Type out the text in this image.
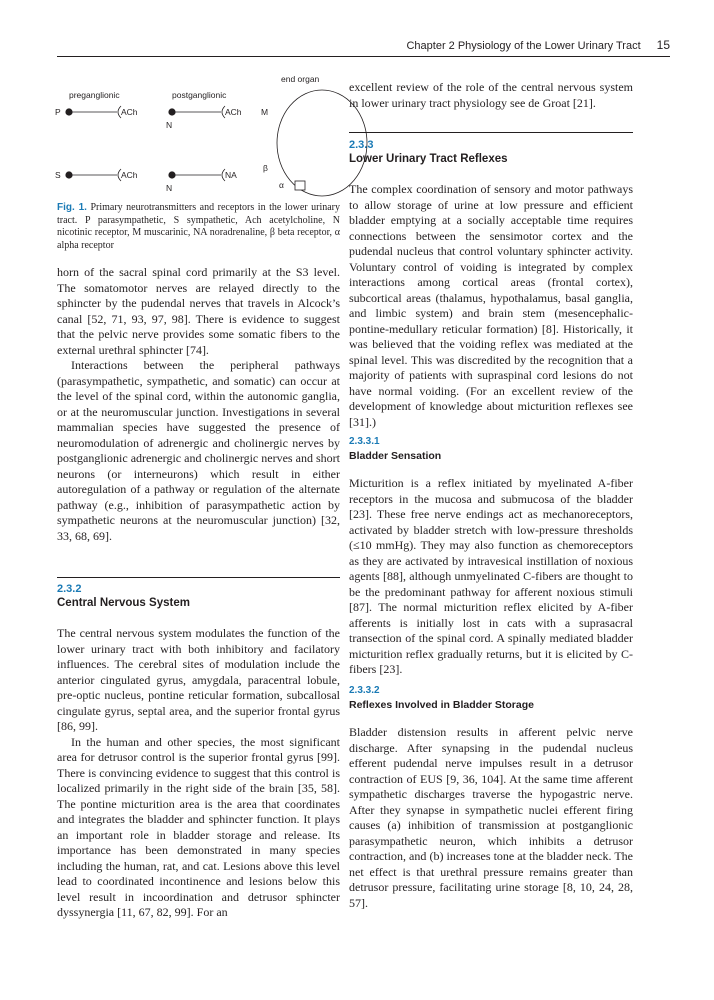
Chapter 2 Physiology of the Lower Urinary Tract 15
end organ
preganglionic	postganglionic
P	ACh	ACh
N
M
S	ACh	NA
N
β
α
Fig. 1. Primary neurotransmitters and receptors in the lower urinary tract. P parasympathetic, S sympathetic, Ach acetylcholine, N nicotinic receptor, M muscarinic, NA noradrenaline, β beta receptor, α alpha receptor

horn of the sacral spinal cord primarily at the S3 level. The somatomotor nerves are relayed directly to the sphincter by the pudendal nerves that travels in Alcock’s canal [52, 71, 93, 97, 98]. There is evidence to suggest that the pelvic nerve provides some somatic fibers to the external urethral sphincter [74].

Interactions between the peripheral pathways (parasympathetic, sympathetic, and somatic) can occur at the level of the spinal cord, within the autonomic ganglia, or at the neuromuscular junction. Investigations in several mammalian species have suggested the presence of neuromodulation of adrenergic and cholinergic nerves by postganglionic adrenergic and cholinergic nerves and short neurons (or interneurons) which result in either autoregulation of a pathway or regulation of the alternate pathway (e.g., inhibition of parasympathetic action by sympathetic neurons at the neuromuscular junction) [32, 33, 68, 69].

2.3.2
Central Nervous System

The central nervous system modulates the function of the lower urinary tract with both inhibitory and facilatory influences. The cerebral sites of modulation include the anterior cingulated gyrus, amygdala, paracentral lobule, pre-optic nucleus, pontine reticular formation, subcallosal cingulate gyrus, septal area, and the superior frontal gyrus [86, 99].

In the human and other species, the most significant area for detrusor control is the superior frontal gyrus [99]. There is convincing evidence to suggest that this control is localized primarily in the right side of the brain [35, 58]. The pontine micturition area is the area that coordinates and integrates the bladder and sphincter function. It plays an important role in bladder storage and release. Its importance has been demonstrated in many species including the human, rat, and cat. Lesions above this level lead to coordinated incontinence and lesions below this level result in incoordination and detrusor sphincter dyssynergia [11, 67, 82, 99]. For an

excellent review of the role of the central nervous system in lower urinary tract physiology see de Groat [21].

2.3.3
Lower Urinary Tract Reflexes

The complex coordination of sensory and motor pathways to allow storage of urine at low pressure and efficient bladder emptying at a socially acceptable time requires connections between the sensimotor cortex and the pudendal nucleus that control voluntary sphincter activity. Voluntary control of voiding is integrated by complex interactions among cortical areas (frontal cortex), subcortical areas (thalamus, hypothalamus, basal ganglia, and limbic system) and brain stem (mesencephalic-pontine-medullary reticular formation) [8]. Historically, it was believed that the voiding reflex was mediated at the spinal level. This was discredited by the recognition that a majority of patients with supraspinal cord lesions do not have normal voiding. (For an excellent review of the development of knowledge about micturition reflexes see [31].)

2.3.3.1
Bladder Sensation

Micturition is a reflex initiated by myelinated A-fiber receptors in the mucosa and submucosa of the bladder [23]. These free nerve endings act as mechanoreceptors, activated by bladder stretch with low-pressure thresholds (≤10 mmHg). They may also function as chemoreceptors as they are activated by intravesical instillation of noxious agents [88], although unmyelinated C-fibers are thought to be the predominant pathway for afferent noxious stimuli [87]. The normal micturition reflex elicited by A-fiber afferents is initially lost in cats with a suprasacral transection of the spinal cord. A spinally mediated bladder micturition reflex gradually returns, but it is elicited by C-fibers [23].

2.3.3.2
Reflexes Involved in Bladder Storage

Bladder distension results in afferent pelvic nerve discharge. After synapsing in the pudendal nucleus efferent pudendal nerve impulses result in a detrusor contraction of EUS [9, 36, 104]. At the same time afferent sympathetic discharges traverse the hypogastric nerve. After they synapse in sympathetic nuclei efferent firing causes (a) inhibition of transmission at postganglionic parasympathetic neuron, which inhibits a detrusor contraction, and (b) increases tone at the bladder neck. The net effect is that urethral pressure remains greater than detrusor pressure, facilitating urine storage [8, 10, 24, 28, 57].
